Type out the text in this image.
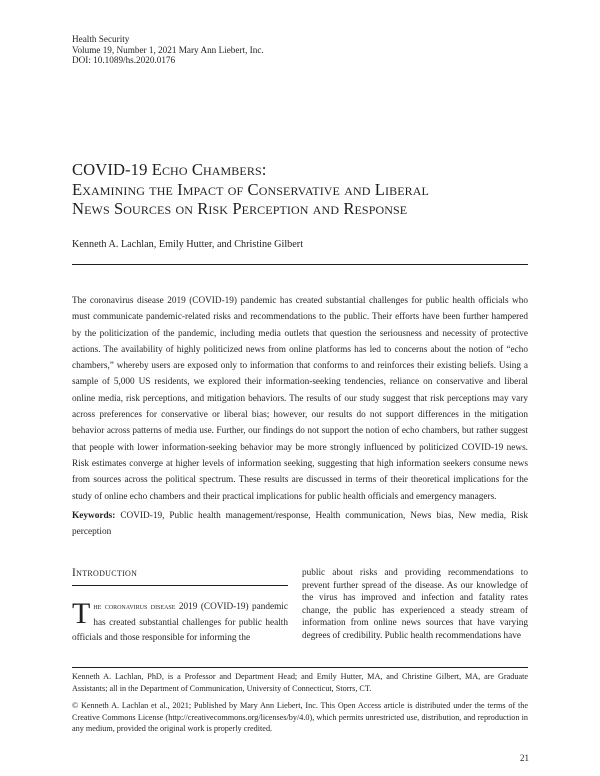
Health Security
Volume 19, Number 1, 2021 Mary Ann Liebert, Inc.
DOI: 10.1089/hs.2020.0176
COVID-19 Echo Chambers:
Examining the Impact of Conservative and Liberal
News Sources on Risk Perception and Response
Kenneth A. Lachlan, Emily Hutter, and Christine Gilbert
The coronavirus disease 2019 (COVID-19) pandemic has created substantial challenges for public health officials who must communicate pandemic-related risks and recommendations to the public. Their efforts have been further hampered by the politicization of the pandemic, including media outlets that question the seriousness and necessity of protective actions. The availability of highly politicized news from online platforms has led to concerns about the notion of “echo chambers,” whereby users are exposed only to information that conforms to and reinforces their existing beliefs. Using a sample of 5,000 US residents, we explored their information-seeking tendencies, reliance on conservative and liberal online media, risk perceptions, and mitigation behaviors. The results of our study suggest that risk perceptions may vary across preferences for conservative or liberal bias; however, our results do not support differences in the mitigation behavior across patterns of media use. Further, our findings do not support the notion of echo chambers, but rather suggest that people with lower information-seeking behavior may be more strongly influenced by politicized COVID-19 news. Risk estimates converge at higher levels of information seeking, suggesting that high information seekers consume news from sources across the political spectrum. These results are discussed in terms of their theoretical implications for the study of online echo chambers and their practical implications for public health officials and emergency managers.
Keywords: COVID-19, Public health management/response, Health communication, News bias, New media, Risk perception
Introduction
The coronavirus disease 2019 (COVID-19) pandemic has created substantial challenges for public health officials and those responsible for informing the
public about risks and providing recommendations to prevent further spread of the disease. As our knowledge of the virus has improved and infection and fatality rates change, the public has experienced a steady stream of information from online news sources that have varying degrees of credibility. Public health recommendations have
Kenneth A. Lachlan, PhD, is a Professor and Department Head; and Emily Hutter, MA, and Christine Gilbert, MA, are Graduate Assistants; all in the Department of Communication, University of Connecticut, Storrs, CT.
© Kenneth A. Lachlan et al., 2021; Published by Mary Ann Liebert, Inc. This Open Access article is distributed under the terms of the Creative Commons License (http://creativecommons.org/licenses/by/4.0), which permits unrestricted use, distribution, and reproduction in any medium, provided the original work is properly credited.
21
